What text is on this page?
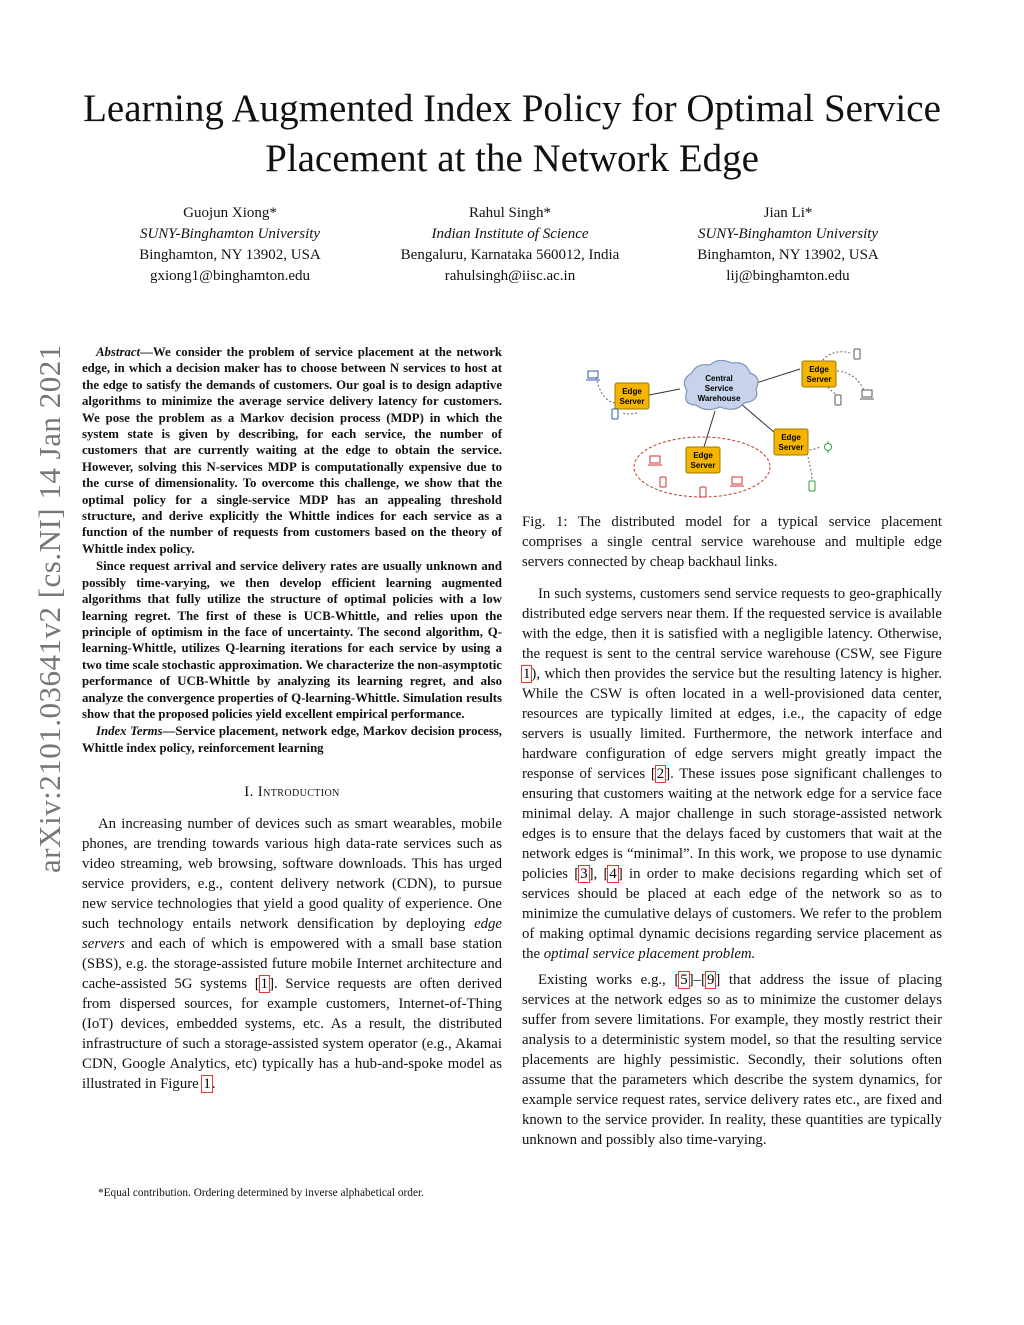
arXiv:2101.03641v2 [cs.NI] 14 Jan 2021
Learning Augmented Index Policy for Optimal Service Placement at the Network Edge
Guojun Xiong*
SUNY-Binghamton University
Binghamton, NY 13902, USA
gxiong1@binghamton.edu
Rahul Singh*
Indian Institute of Science
Bengaluru, Karnataka 560012, India
rahulsingh@iisc.ac.in
Jian Li*
SUNY-Binghamton University
Binghamton, NY 13902, USA
lij@binghamton.edu

Abstract—We consider the problem of service placement at the network edge, in which a decision maker has to choose between N services to host at the edge to satisfy the demands of customers. Our goal is to design adaptive algorithms to minimize the average service delivery latency for customers. We pose the problem as a Markov decision process (MDP) in which the system state is given by describing, for each service, the number of customers that are currently waiting at the edge to obtain the service. However, solving this N-services MDP is computationally expensive due to the curse of dimensionality. To overcome this challenge, we show that the optimal policy for a single-service MDP has an appealing threshold structure, and derive explicitly the Whittle indices for each service as a function of the number of requests from customers based on the theory of Whittle index policy.

Since request arrival and service delivery rates are usually unknown and possibly time-varying, we then develop efficient learning augmented algorithms that fully utilize the structure of optimal policies with a low learning regret. The first of these is UCB-Whittle, and relies upon the principle of optimism in the face of uncertainty. The second algorithm, Q-learning-Whittle, utilizes Q-learning iterations for each service by using a two time scale stochastic approximation. We characterize the non-asymptotic performance of UCB-Whittle by analyzing its learning regret, and also analyze the convergence properties of Q-learning-Whittle. Simulation results show that the proposed policies yield excellent empirical performance.

Index Terms—Service placement, network edge, Markov decision process, Whittle index policy, reinforcement learning

I. Introduction

An increasing number of devices such as smart wearables, mobile phones, are trending towards various high data-rate services such as video streaming, web browsing, software downloads. This has urged service providers, e.g., content delivery network (CDN), to pursue new service technologies that yield a good quality of experience. One such technology entails network densification by deploying edge servers and each of which is empowered with a small base station (SBS), e.g. the storage-assisted future mobile Internet architecture and cache-assisted 5G systems [1]. Service requests are often derived from dispersed sources, for example customers, Internet-of-Thing (IoT) devices, embedded systems, etc. As a result, the distributed infrastructure of such a storage-assisted system operator (e.g., Akamai CDN, Google Analytics, etc) typically has a hub-and-spoke model as illustrated in Figure 1.

*Equal contribution. Ordering determined by inverse alphabetical order.
Central
Service
Warehouse
Edge
Server
Edge
Server
Edge
Server
Edge
Server

Fig. 1: The distributed model for a typical service placement comprises a single central service warehouse and multiple edge servers connected by cheap backhaul links.

In such systems, customers send service requests to geo-graphically distributed edge servers near them. If the requested service is available with the edge, then it is satisfied with a negligible latency. Otherwise, the request is sent to the central service warehouse (CSW, see Figure 1), which then provides the service but the resulting latency is higher. While the CSW is often located in a well-provisioned data center, resources are typically limited at edges, i.e., the capacity of edge servers is usually limited. Furthermore, the network interface and hardware configuration of edge servers might greatly impact the response of services [2]. These issues pose significant challenges to ensuring that customers waiting at the network edge for a service face minimal delay. A major challenge in such storage-assisted network edges is to ensure that the delays faced by customers that wait at the network edges is “minimal”. In this work, we propose to use dynamic policies [3], [4] in order to make decisions regarding which set of services should be placed at each edge of the network so as to minimize the cumulative delays of customers. We refer to the problem of making optimal dynamic decisions regarding service placement as the optimal service placement problem.

Existing works e.g., [5]–[9] that address the issue of placing services at the network edges so as to minimize the customer delays suffer from severe limitations. For example, they mostly restrict their analysis to a deterministic system model, so that the resulting service placements are highly pessimistic. Secondly, their solutions often assume that the parameters which describe the system dynamics, for example service request rates, service delivery rates etc., are fixed and known to the service provider. In reality, these quantities are typically unknown and possibly also time-varying.
